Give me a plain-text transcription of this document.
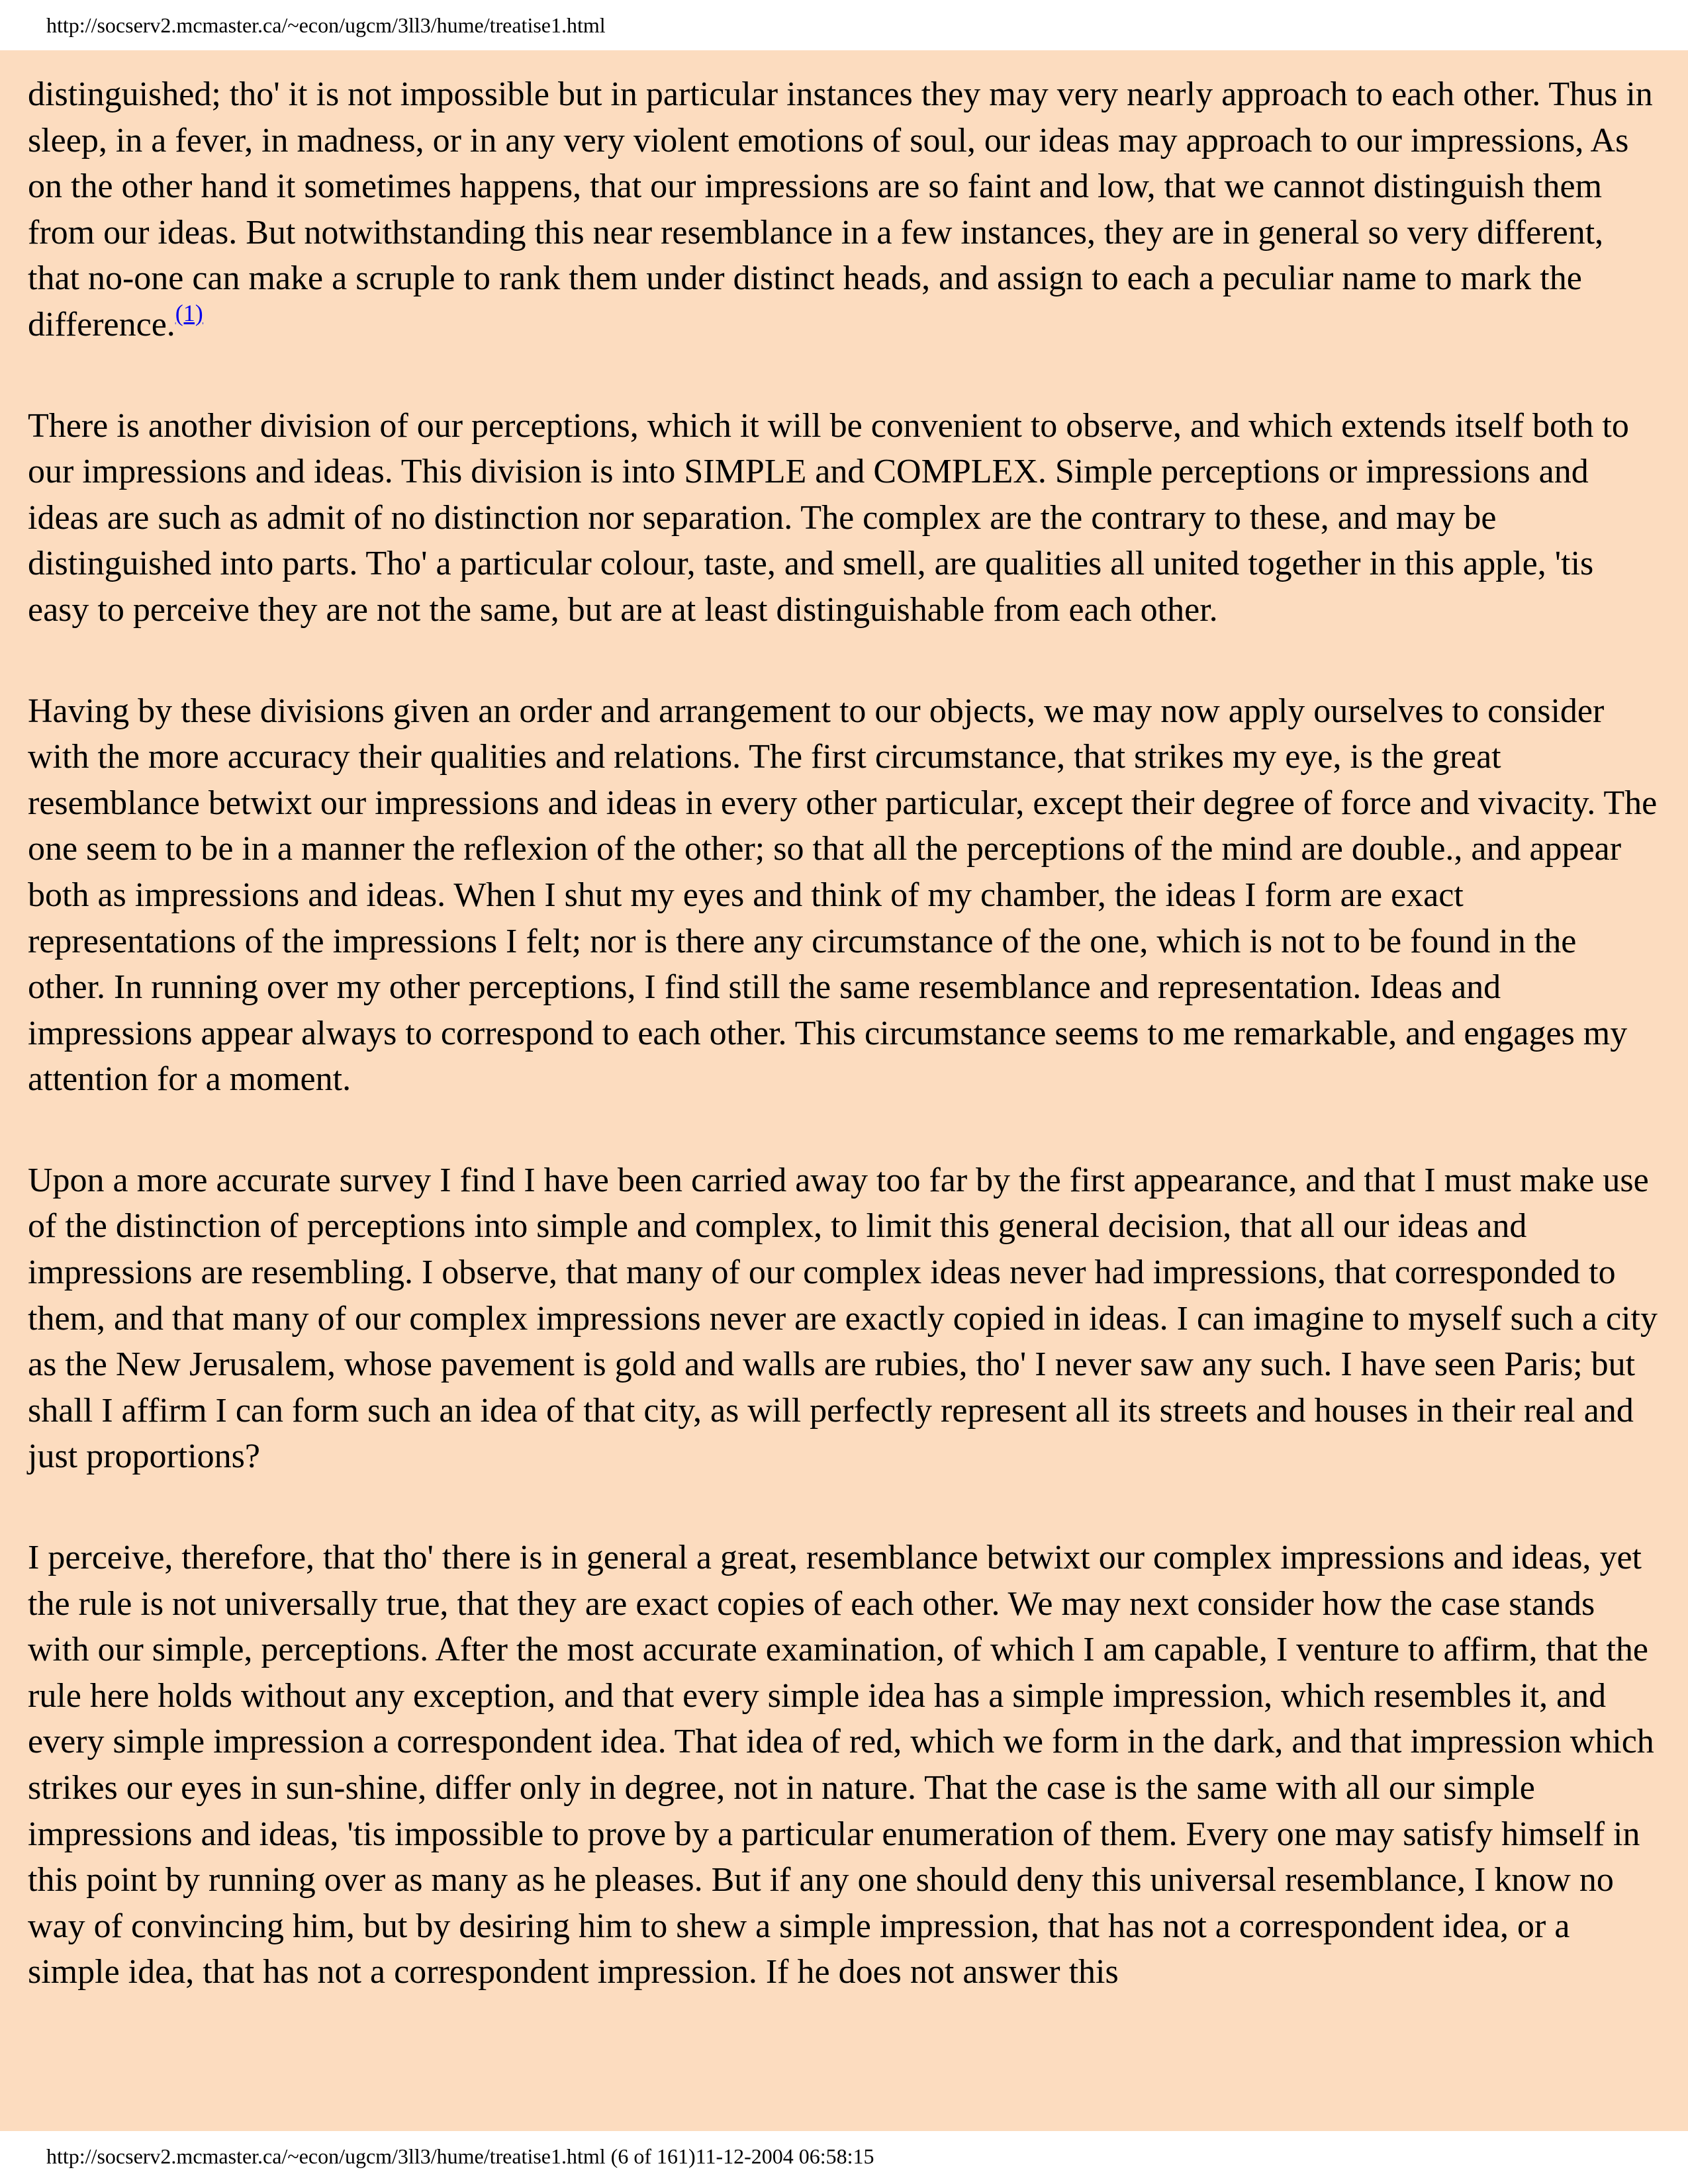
http://socserv2.mcmaster.ca/~econ/ugcm/3ll3/hume/treatise1.html

distinguished; tho' it is not impossible but in particular instances they may very nearly approach to each other. Thus in sleep, in a fever, in madness, or in any very violent emotions of soul, our ideas may approach to our impressions, As on the other hand it sometimes happens, that our impressions are so faint and low, that we cannot distinguish them from our ideas. But notwithstanding this near resemblance in a few instances, they are in general so very different, that no-one can make a scruple to rank them under distinct heads, and assign to each a peculiar name to mark the difference.$^{(1)}$

There is another division of our perceptions, which it will be convenient to observe, and which extends itself both to our impressions and ideas. This division is into SIMPLE and COMPLEX. Simple perceptions or impressions and ideas are such as admit of no distinction nor separation. The complex are the contrary to these, and may be distinguished into parts. Tho' a particular colour, taste, and smell, are qualities all united together in this apple, 'tis easy to perceive they are not the same, but are at least distinguishable from each other.

Having by these divisions given an order and arrangement to our objects, we may now apply ourselves to consider with the more accuracy their qualities and relations. The first circumstance, that strikes my eye, is the great resemblance betwixt our impressions and ideas in every other particular, except their degree of force and vivacity. The one seem to be in a manner the reflexion of the other; so that all the perceptions of the mind are double., and appear both as impressions and ideas. When I shut my eyes and think of my chamber, the ideas I form are exact representations of the impressions I felt; nor is there any circumstance of the one, which is not to be found in the other. In running over my other perceptions, I find still the same resemblance and representation. Ideas and impressions appear always to correspond to each other. This circumstance seems to me remarkable, and engages my attention for a moment.

Upon a more accurate survey I find I have been carried away too far by the first appearance, and that I must make use of the distinction of perceptions into simple and complex, to limit this general decision, that all our ideas and impressions are resembling. I observe, that many of our complex ideas never had impressions, that corresponded to them, and that many of our complex impressions never are exactly copied in ideas. I can imagine to myself such a city as the New Jerusalem, whose pavement is gold and walls are rubies, tho' I never saw any such. I have seen Paris; but shall I affirm I can form such an idea of that city, as will perfectly represent all its streets and houses in their real and just proportions?

I perceive, therefore, that tho' there is in general a great, resemblance betwixt our complex impressions and ideas, yet the rule is not universally true, that they are exact copies of each other. We may next consider how the case stands with our simple, perceptions. After the most accurate examination, of which I am capable, I venture to affirm, that the rule here holds without any exception, and that every simple idea has a simple impression, which resembles it, and every simple impression a correspondent idea. That idea of red, which we form in the dark, and that impression which strikes our eyes in sun-shine, differ only in degree, not in nature. That the case is the same with all our simple impressions and ideas, 'tis impossible to prove by a particular enumeration of them. Every one may satisfy himself in this point by running over as many as he pleases. But if any one should deny this universal resemblance, I know no way of convincing him, but by desiring him to shew a simple impression, that has not a correspondent idea, or a simple idea, that has not a correspondent impression. If he does not answer this

http://socserv2.mcmaster.ca/~econ/ugcm/3ll3/hume/treatise1.html (6 of 161)11-12-2004 06:58:15
